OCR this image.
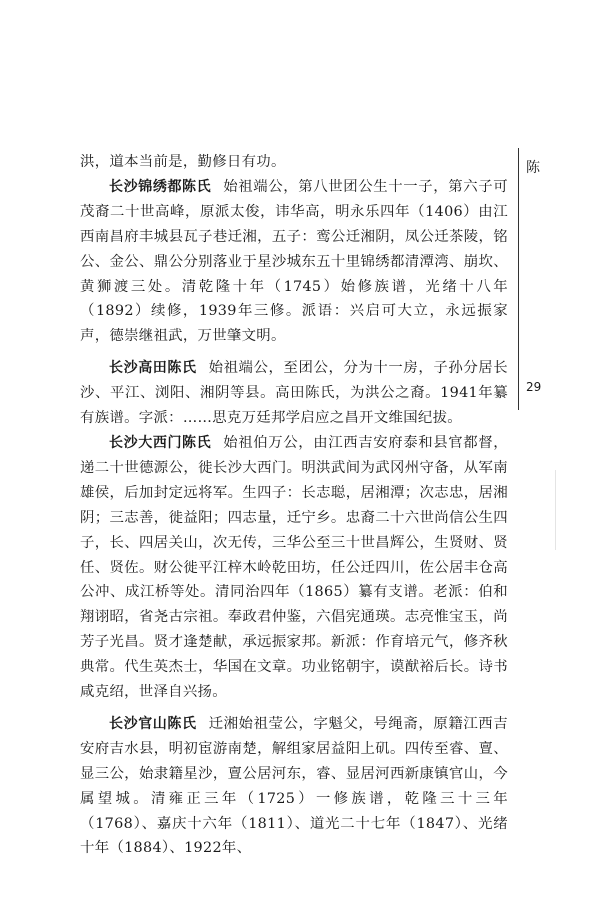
洪，道本当前是，勤修日有功。

长沙锦绣都陈氏 始祖端公，第八世团公生十一子，第六子可茂裔二十世高峰，原派太俊，讳华高，明永乐四年（1406）由江西南昌府丰城县瓦子巷迁湘，五子：鸾公迁湘阴，凤公迁茶陵，铭公、金公、鼎公分别落业于星沙城东五十里锦绣都清潭湾、崩坎、黄狮渡三处。清乾隆十年（1745）始修族谱，光绪十八年（1892）续修，1939年三修。派语：兴启可大立，永远振家声，德崇继祖武，万世肇文明。

长沙高田陈氏 始祖端公，至团公，分为十一房，子孙分居长沙、平江、浏阳、湘阴等县。高田陈氏，为洪公之裔。1941年纂有族谱。字派：……思克万廷邦学启应之昌开文维国纪拔。

长沙大西门陈氏 始祖伯万公，由江西吉安府泰和县官都督，递二十世德源公，徙长沙大西门。明洪武间为武冈州守备，从军南雄侯，后加封定远将军。生四子：长志聪，居湘潭；次志忠，居湘阴；三志善，徙益阳；四志量，迁宁乡。忠裔二十六世尚信公生四子，长、四居关山，次无传，三华公至三十世昌辉公，生贤财、贤任、贤佐。财公徙平江梓木岭乾田坊，任公迁四川，佐公居丰仓高公冲、成江桥等处。清同治四年（1865）纂有支谱。老派：伯和翔诩昭，省尧古宗祖。奉政君仲鉴，六倡宪通瑛。志亮惟宝玉，尚芳子光昌。贤才逢楚献，承远振家邦。新派：作育培元气，修齐秋典常。代生英杰士，华国在文章。功业铭朝宇，谟猷裕后长。诗书咸克绍，世泽自兴扬。

长沙官山陈氏 迁湘始祖莹公，字魁父，号绳斋，原籍江西吉安府吉水县，明初宦游南楚，解组家居益阳上矶。四传至睿、亶、显三公，始隶籍星沙，亶公居河东，睿、显居河西新康镇官山，今属望城。清雍正三年（1725）一修族谱，乾隆三十三年（1768）、嘉庆十六年（1811）、道光二十七年（1847）、光绪十年（1884）、1922年、

陈
29
